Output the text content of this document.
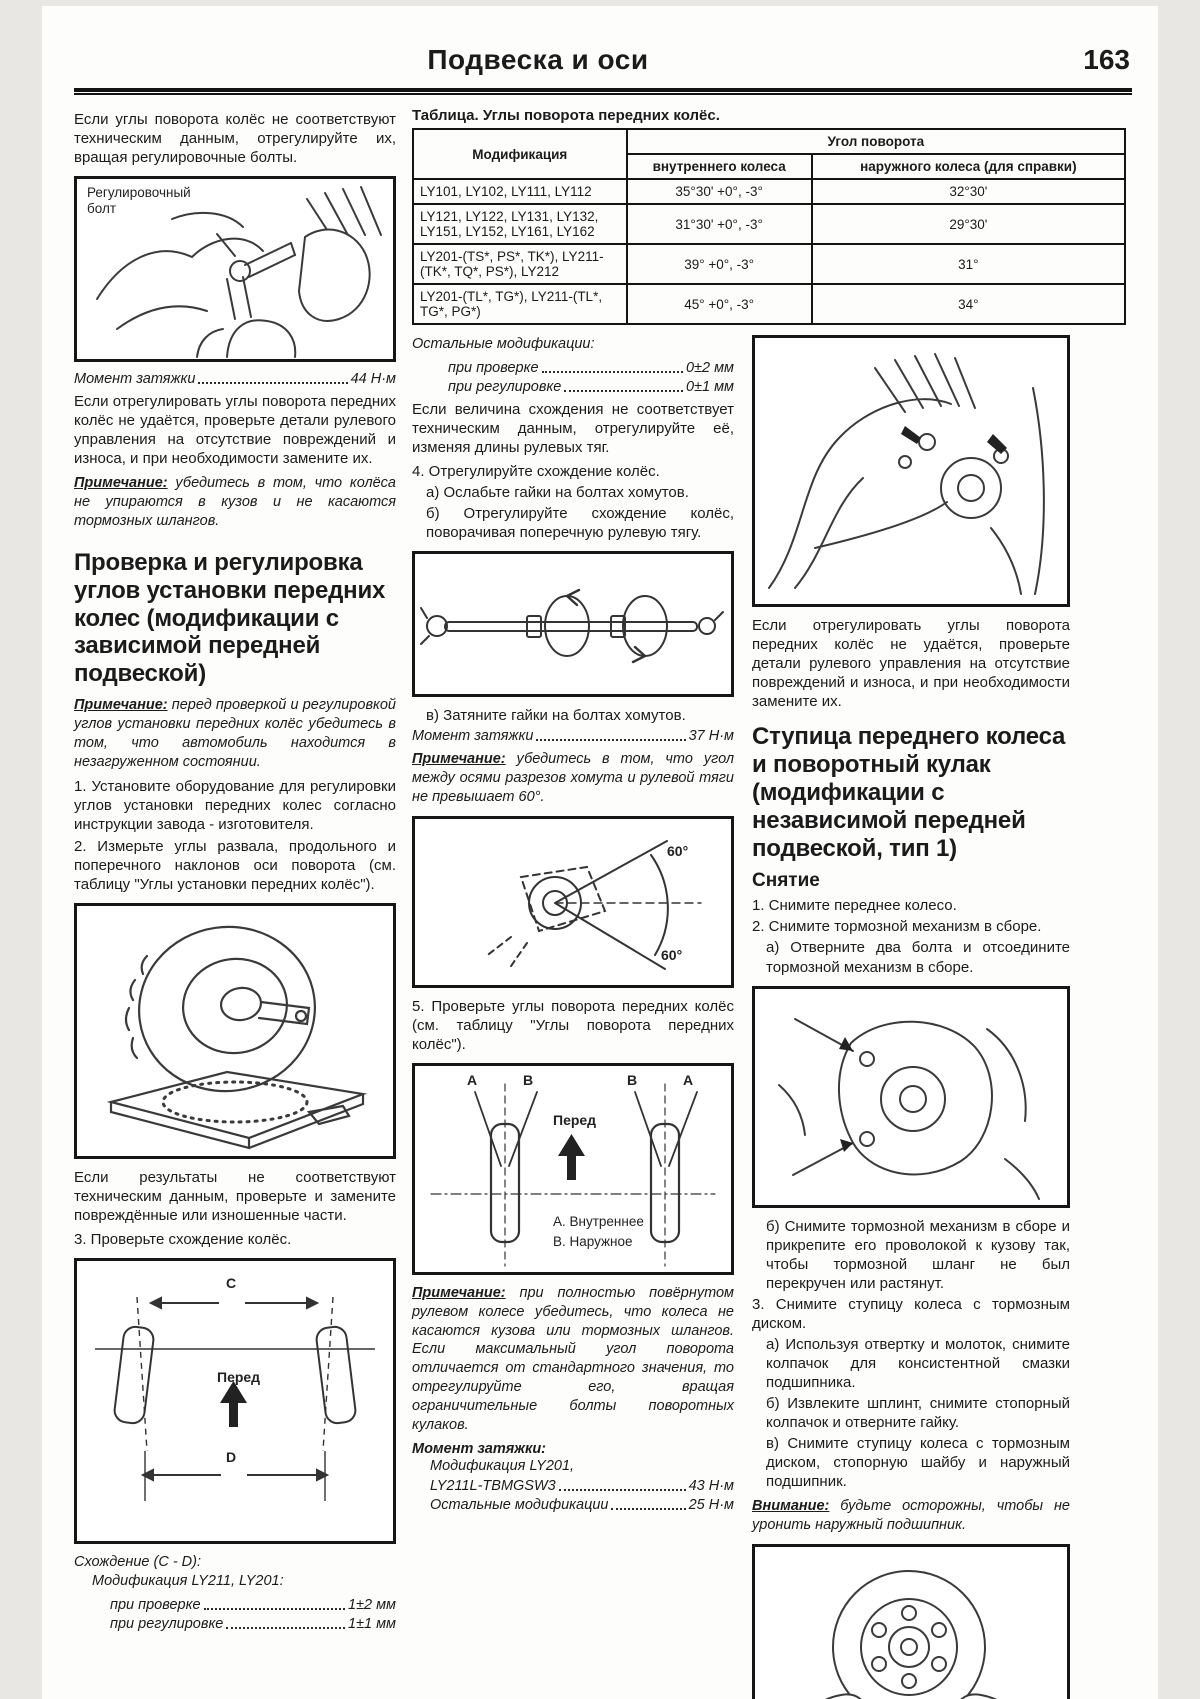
Подвеска и оси	163
Если углы поворота колёс не соответствуют техническим данным, отрегулируйте их, вращая регулировочные болты.
Регулировочный болт
Момент затяжки	44 Н·м
Если отрегулировать углы поворота передних колёс не удаётся, проверьте детали рулевого управления на отсутствие повреждений и износа, и при необходимости замените их.
Примечание: убедитесь в том, что колёса не упираются в кузов и не касаются тормозных шлангов.
Проверка и регулировка углов установки передних колес (модификации с зависимой передней подвеской)
Примечание: перед проверкой и регулировкой углов установки передних колёс убедитесь в том, что автомобиль находится в незагруженном состоянии.
1. Установите оборудование для регулировки углов установки передних колес согласно инструкции завода - изготовителя.
2. Измерьте углы развала, продольного и поперечного наклонов оси поворота (см. таблицу "Углы установки передних колёс").
Если результаты не соответствуют техническим данным, проверьте и замените повреждённые или изношенные части.
3. Проверьте схождение колёс.
C
Перед
D
Схождение (C - D):
Модификация LY211, LY201:
при проверке	1±2 мм
при регулировке	1±1 мм
Таблица. Углы поворота передних колёс.
Модификация	Угол поворота	
	внутреннего колеса	наружного колеса (для справки)
LY101, LY102, LY111, LY112	35°30' +0°, -3°	32°30'
LY121, LY122, LY131, LY132, LY151, LY152, LY161, LY162	31°30' +0°, -3°	29°30'
LY201-(TS*, PS*, TK*), LY211-(TK*, TQ*, PS*), LY212	39° +0°, -3°	31°
LY201-(TL*, TG*), LY211-(TL*, TG*, PG*)	45° +0°, -3°	34°
Остальные модификации:
при проверке	0±2 мм
при регулировке	0±1 мм
Если величина схождения не соответствует техническим данным, отрегулируйте её, изменяя длины рулевых тяг.
4. Отрегулируйте схождение колёс.
а) Ослабьте гайки на болтах хомутов.
б) Отрегулируйте схождение колёс, поворачивая поперечную рулевую тягу.
в) Затяните гайки на болтах хомутов.
Момент затяжки	37 Н·м
Примечание: убедитесь в том, что угол между осями разрезов хомута и рулевой тяги не превышает 60°.
60°
60°
5. Проверьте углы поворота передних колёс (см. таблицу "Углы поворота передних колёс").
А	В	В	А
Перед
А. Внутреннее
В. Наружное
Примечание: при полностью повёрнутом рулевом колесе убедитесь, что колеса не касаются кузова или тормозных шлангов. Если максимальный угол поворота отличается от стандартного значения, то отрегулируйте его, вращая ограничительные болты поворотных кулаков.
Момент затяжки:
Модификация LY201,
LY211L-TBMGSW3	43 Н·м
Остальные модификации	25 Н·м
Если отрегулировать углы поворота передних колёс не удаётся, проверьте детали рулевого управления на отсутствие повреждений и износа, и при необходимости замените их.
Ступица переднего колеса и поворотный кулак (модификации с независимой передней подвеской, тип 1)
Снятие
1. Снимите переднее колесо.
2. Снимите тормозной механизм в сборе.
а) Отверните два болта и отсоедините тормозной механизм в сборе.
б) Снимите тормозной механизм в сборе и прикрепите его проволокой к кузову так, чтобы тормозной шланг не был перекручен или растянут.
3. Снимите ступицу колеса с тормозным диском.
а) Используя отвертку и молоток, снимите колпачок для консистентной смазки подшипника.
б) Извлеките шплинт, снимите стопорный колпачок и отверните гайку.
в) Снимите ступицу колеса с тормозным диском, стопорную шайбу и наружный подшипник.
Внимание: будьте осторожны, чтобы не уронить наружный подшипник.
